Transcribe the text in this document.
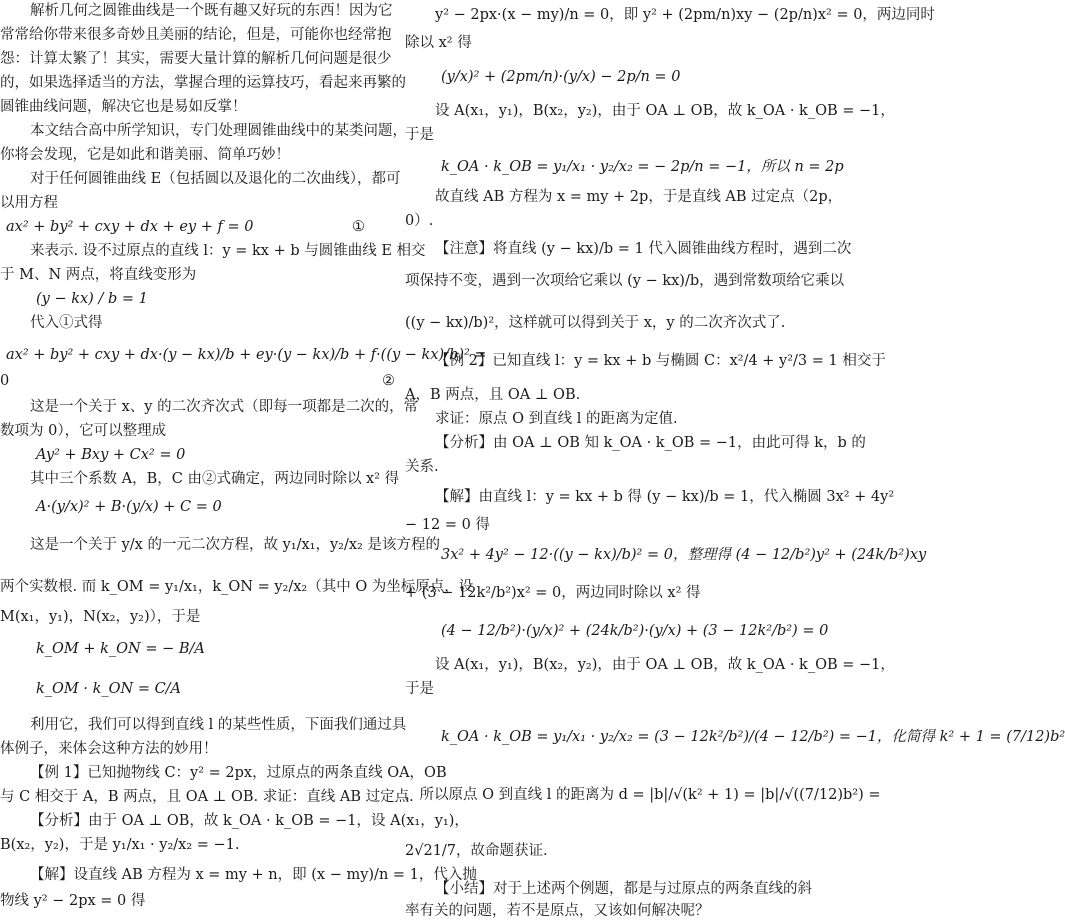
解析几何之圆锥曲线是一个既有趣又好玩的东西！因为它
常常给你带来很多奇妙且美丽的结论，但是，可能你也经常抱
怨：计算太繁了！其实，需要大量计算的解析几何问题是很少
的，如果选择适当的方法，掌握合理的运算技巧，看起来再繁的
圆锥曲线问题，解决它也是易如反掌！
本文结合高中所学知识，专门处理圆锥曲线中的某类问题，
你将会发现，它是如此和谐美丽、简单巧妙！
对于任何圆锥曲线 E（包括圆以及退化的二次曲线），都可
以用方程
ax² + by² + cxy + dx + ey + f = 0	①
来表示. 设不过原点的直线 l：y = kx + b 与圆锥曲线 E 相交
于 M、N 两点，将直线变形为
(y − kx) / b = 1
代入①式得
ax² + by² + cxy + dx·(y − kx)/b + ey·(y − kx)/b + f·((y − kx)/b)² =
0	②
这是一个关于 x、y 的二次齐次式（即每一项都是二次的，常
数项为 0），它可以整理成
Ay² + Bxy + Cx² = 0
其中三个系数 A，B，C 由②式确定，两边同时除以 x² 得
A·(y/x)² + B·(y/x) + C = 0
这是一个关于 y/x 的一元二次方程，故 y₁/x₁，y₂/x₂ 是该方程的
两个实数根. 而 k_OM = y₁/x₁，k_ON = y₂/x₂（其中 O 为坐标原点，设
M(x₁，y₁)，N(x₂，y₂)），于是
k_OM + k_ON = − B/A
k_OM · k_ON = C/A
利用它，我们可以得到直线 l 的某些性质，下面我们通过具
体例子，来体会这种方法的妙用！
【例 1】已知抛物线 C：y² = 2px，过原点的两条直线 OA，OB
与 C 相交于 A，B 两点，且 OA ⊥ OB. 求证：直线 AB 过定点.
【分析】由于 OA ⊥ OB，故 k_OA · k_OB = −1，设 A(x₁，y₁)，
B(x₂，y₂)，于是 y₁/x₁ · y₂/x₂ = −1.
【解】设直线 AB 方程为 x = my + n，即 (x − my)/n = 1，代入抛
物线 y² − 2px = 0 得
y² − 2px·(x − my)/n = 0，即 y² + (2pm/n)xy − (2p/n)x² = 0，两边同时
除以 x² 得
(y/x)² + (2pm/n)·(y/x) − 2p/n = 0
设 A(x₁，y₁)，B(x₂，y₂)，由于 OA ⊥ OB，故 k_OA · k_OB = −1，
于是
k_OA · k_OB = y₁/x₁ · y₂/x₂ = − 2p/n = −1，所以 n = 2p
故直线 AB 方程为 x = my + 2p，于是直线 AB 过定点（2p，
0）.
【注意】将直线 (y − kx)/b = 1 代入圆锥曲线方程时，遇到二次
项保持不变，遇到一次项给它乘以 (y − kx)/b，遇到常数项给它乘以
((y − kx)/b)²，这样就可以得到关于 x，y 的二次齐次式了.
【例 2】已知直线 l：y = kx + b 与椭圆 C：x²/4 + y²/3 = 1 相交于
A，B 两点，且 OA ⊥ OB.
求证：原点 O 到直线 l 的距离为定值.
【分析】由 OA ⊥ OB 知 k_OA · k_OB = −1，由此可得 k，b 的
关系.
【解】由直线 l：y = kx + b 得 (y − kx)/b = 1，代入椭圆 3x² + 4y²
− 12 = 0 得
3x² + 4y² − 12·((y − kx)/b)² = 0，整理得 (4 − 12/b²)y² + (24k/b²)xy
+ (3 − 12k²/b²)x² = 0，两边同时除以 x² 得
(4 − 12/b²)·(y/x)² + (24k/b²)·(y/x) + (3 − 12k²/b²) = 0
设 A(x₁，y₁)，B(x₂，y₂)，由于 OA ⊥ OB，故 k_OA · k_OB = −1，
于是
k_OA · k_OB = y₁/x₁ · y₂/x₂ = (3 − 12k²/b²)/(4 − 12/b²) = −1，化简得 k² + 1 = (7/12)b²
，所以原点 O 到直线 l 的距离为 d = |b|/√(k² + 1) = |b|/√((7/12)b²) =
2√21/7，故命题获证.
【小结】对于上述两个例题，都是与过原点的两条直线的斜
率有关的问题，若不是原点，又该如何解决呢？
